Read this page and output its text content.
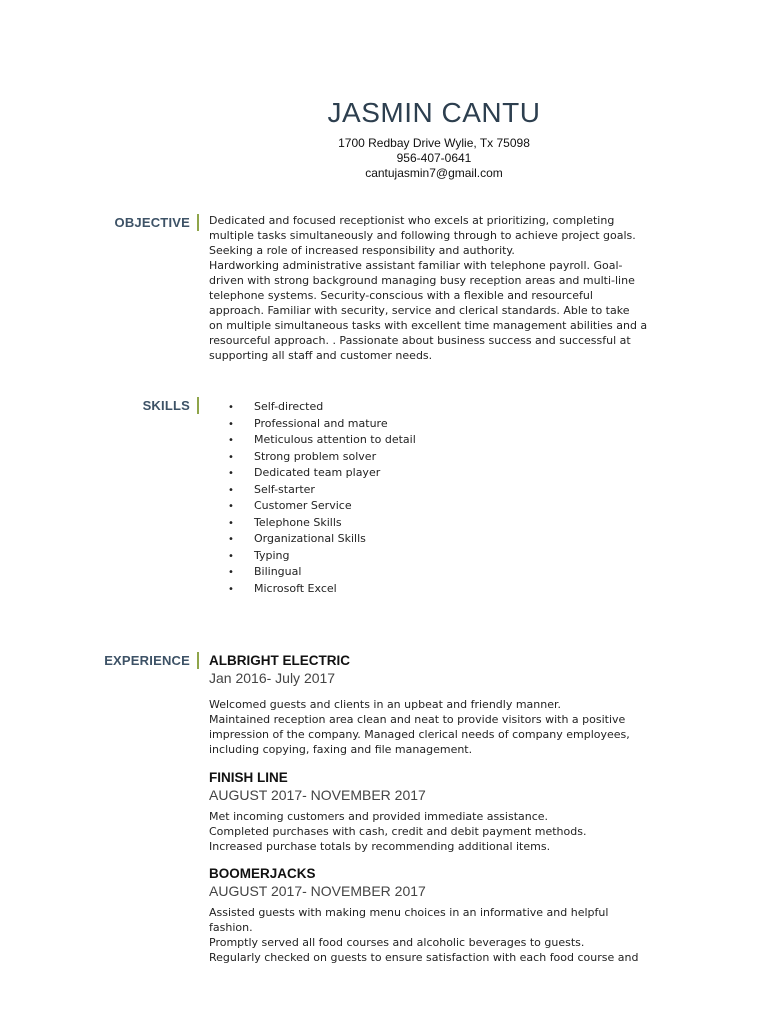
JASMIN CANTU
1700 Redbay Drive Wylie, Tx 75098
956-407-0641
cantujasmin7@gmail.com
OBJECTIVE Dedicated and focused receptionist who excels at prioritizing, completing
multiple tasks simultaneously and following through to achieve project goals.
Seeking a role of increased responsibility and authority.
Hardworking administrative assistant familiar with telephone payroll. Goal-
driven with strong background managing busy reception areas and multi-line
telephone systems. Security-conscious with a flexible and resourceful
approach. Familiar with security, service and clerical standards. Able to take
on multiple simultaneous tasks with excellent time management abilities and a
resourceful approach. . Passionate about business success and successful at
supporting all staff and customer needs.
SKILLS	• Self-directed
• Professional and mature
• Meticulous attention to detail
• Strong problem solver
• Dedicated team player
• Self-starter
• Customer Service
• Telephone Skills
• Organizational Skills
• Typing
• Bilingual
• Microsoft Excel
EXPERIENCE ALBRIGHT ELECTRIC
Jan 2016- July 2017
Welcomed guests and clients in an upbeat and friendly manner.
Maintained reception area clean and neat to provide visitors with a positive
impression of the company. Managed clerical needs of company employees,
including copying, faxing and file management.
FINISH LINE
AUGUST 2017- NOVEMBER 2017
Met incoming customers and provided immediate assistance.
Completed purchases with cash, credit and debit payment methods.
Increased purchase totals by recommending additional items.
BOOMERJACKS
AUGUST 2017- NOVEMBER 2017
Assisted guests with making menu choices in an informative and helpful
fashion.
Promptly served all food courses and alcoholic beverages to guests.
Regularly checked on guests to ensure satisfaction with each food course and
